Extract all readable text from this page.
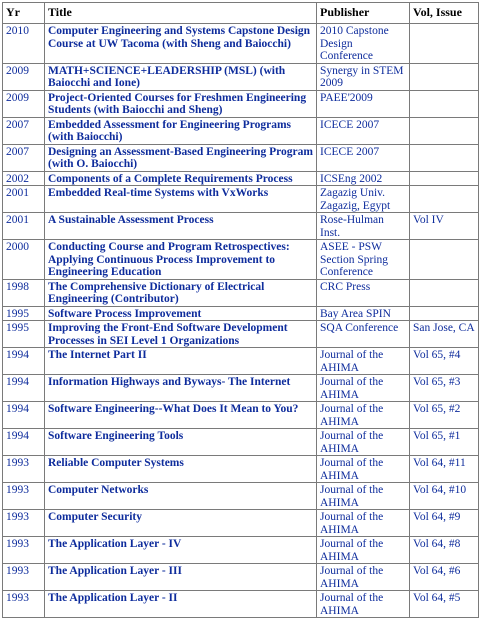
Yr	Title	Publisher	Vol, Issue
2010	Computer Engineering and Systems Capstone Design Course at UW Tacoma (with Sheng and Baiocchi)	2010 Capstone Design Conference	
2009	MATH+SCIENCE+LEADERSHIP (MSL) (with Baiocchi and Ione)	Synergy in STEM 2009	
2009	Project-Oriented Courses for Freshmen Engineering Students (with Baiocchi and Sheng)	PAEE'2009	
2007	Embedded Assessment for Engineering Programs (with Baiocchi)	ICECE 2007	
2007	Designing an Assessment-Based Engineering Program (with O. Baiocchi)	ICECE 2007	
2002	Components of a Complete Requirements Process	ICSEng 2002	
2001	Embedded Real-time Systems with VxWorks	Zagazig Univ. Zagazig, Egypt	
2001	A Sustainable Assessment Process	Rose-Hulman Inst.	Vol IV
2000	Conducting Course and Program Retrospectives: Applying Continuous Process Improvement to Engineering Education	ASEE - PSW Section Spring Conference	
1998	The Comprehensive Dictionary of Electrical Engineering (Contributor)	CRC Press	
1995	Software Process Improvement	Bay Area SPIN	
1995	Improving the Front-End Software Development Processes in SEI Level 1 Organizations	SQA Conference	San Jose, CA
1994	The Internet Part II	Journal of the AHIMA	Vol 65, #4
1994	Information Highways and Byways- The Internet	Journal of the AHIMA	Vol 65, #3
1994	Software Engineering--What Does It Mean to You?	Journal of the AHIMA	Vol 65, #2
1994	Software Engineering Tools	Journal of the AHIMA	Vol 65, #1
1993	Reliable Computer Systems	Journal of the AHIMA	Vol 64, #11
1993	Computer Networks	Journal of the AHIMA	Vol 64, #10
1993	Computer Security	Journal of the AHIMA	Vol 64, #9
1993	The Application Layer - IV	Journal of the AHIMA	Vol 64, #8
1993	The Application Layer - III	Journal of the AHIMA	Vol 64, #6
1993	The Application Layer - II	Journal of the AHIMA	Vol 64, #5
